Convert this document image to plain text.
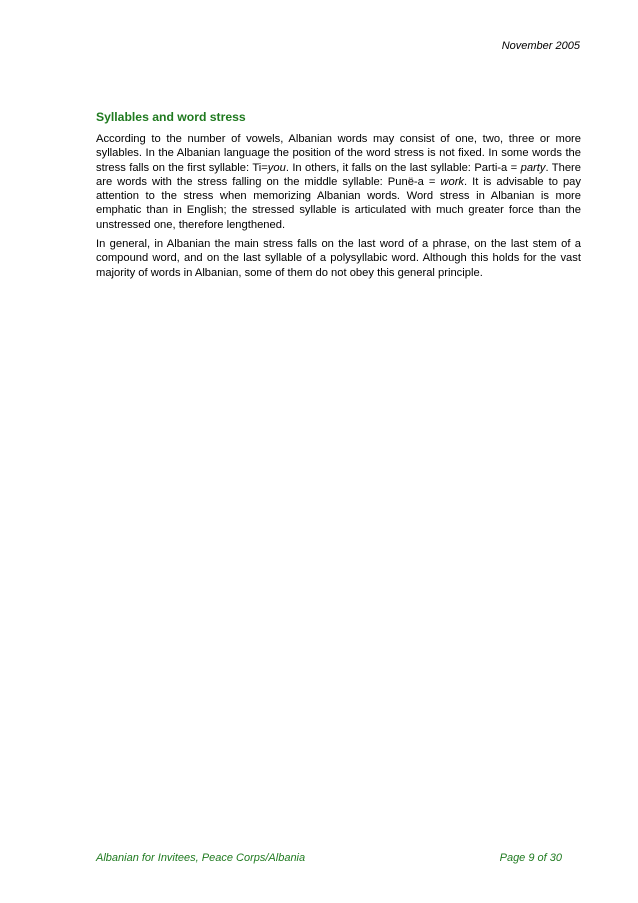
November 2005
Syllables and word stress

According to the number of vowels, Albanian words may consist of one, two, three or more syllables. In the Albanian language the position of the word stress is not fixed. In some words the stress falls on the first syllable: Ti=you. In others, it falls on the last syllable: Parti-a = party. There are words with the stress falling on the middle syllable: Punë-a = work. It is advisable to pay attention to the stress when memorizing Albanian words. Word stress in Albanian is more emphatic than in English; the stressed syllable is articulated with much greater force than the unstressed one, therefore lengthened.

In general, in Albanian the main stress falls on the last word of a phrase, on the last stem of a compound word, and on the last syllable of a polysyllabic word. Although this holds for the vast majority of words in Albanian, some of them do not obey this general principle.

Albanian for Invitees, Peace Corps/Albania	Page 9 of 30
